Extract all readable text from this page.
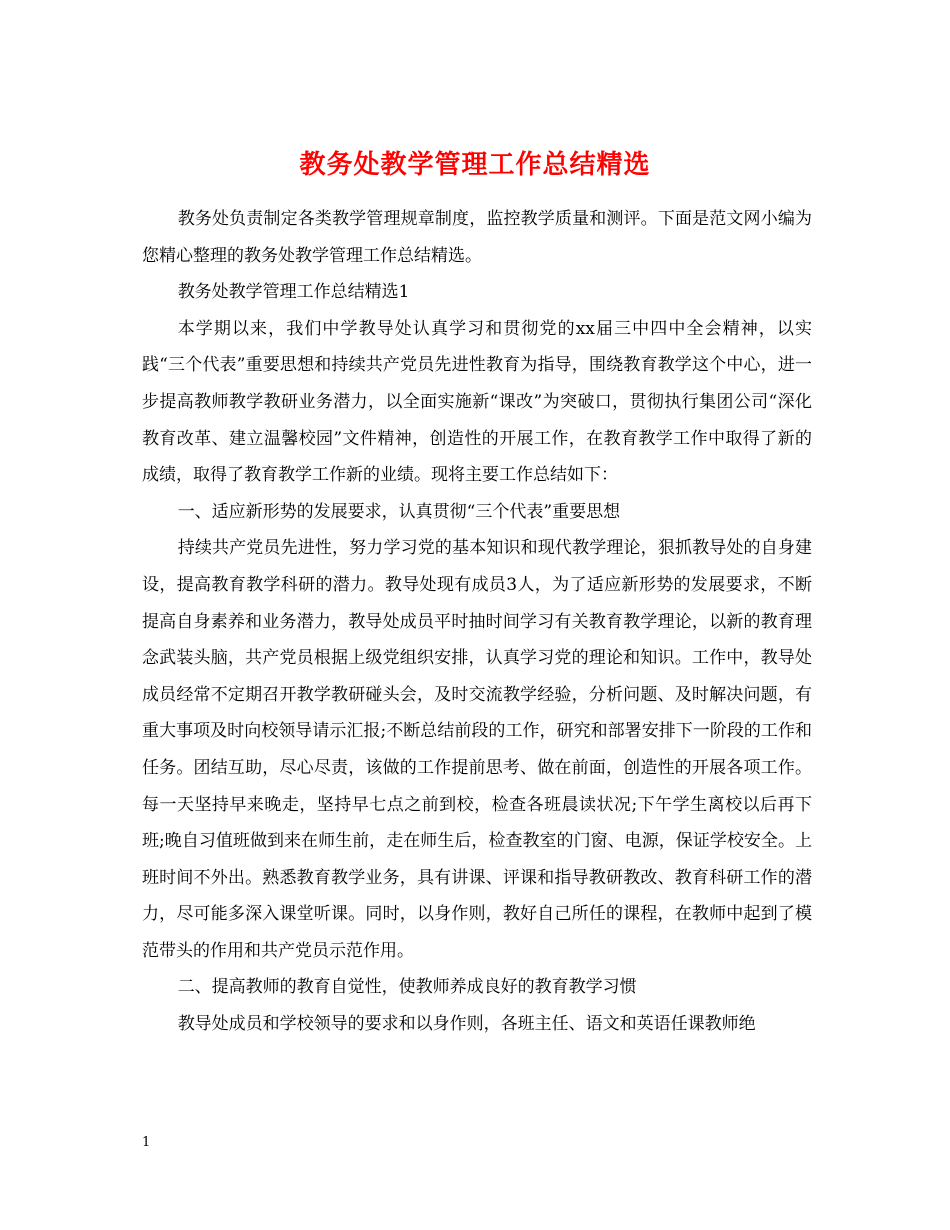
教务处教学管理工作总结精选

教务处负责制定各类教学管理规章制度，监控教学质量和测评。下面是范文网小编为您精心整理的教务处教学管理工作总结精选。

教务处教学管理工作总结精选1

本学期以来，我们中学教导处认真学习和贯彻党的xx届三中四中全会精神，以实践“三个代表”重要思想和持续共产党员先进性教育为指导，围绕教育教学这个中心，进一步提高教师教学教研业务潜力，以全面实施新“课改”为突破口，贯彻执行集团公司“深化教育改革、建立温馨校园”文件精神，创造性的开展工作，在教育教学工作中取得了新的成绩，取得了教育教学工作新的业绩。现将主要工作总结如下：

一、适应新形势的发展要求，认真贯彻“三个代表”重要思想

持续共产党员先进性，努力学习党的基本知识和现代教学理论，狠抓教导处的自身建设，提高教育教学科研的潜力。教导处现有成员3人，为了适应新形势的发展要求，不断提高自身素养和业务潜力，教导处成员平时抽时间学习有关教育教学理论，以新的教育理念武装头脑，共产党员根据上级党组织安排，认真学习党的理论和知识。工作中，教导处成员经常不定期召开教学教研碰头会，及时交流教学经验，分析问题、及时解决问题，有重大事项及时向校领导请示汇报;不断总结前段的工作，研究和部署安排下一阶段的工作和任务。团结互助，尽心尽责，该做的工作提前思考、做在前面，创造性的开展各项工作。每一天坚持早来晚走，坚持早七点之前到校，检查各班晨读状况;下午学生离校以后再下班;晚自习值班做到来在师生前，走在师生后，检查教室的门窗、电源，保证学校安全。上班时间不外出。熟悉教育教学业务，具有讲课、评课和指导教研教改、教育科研工作的潜力，尽可能多深入课堂听课。同时，以身作则，教好自己所任的课程，在教师中起到了模范带头的作用和共产党员示范作用。

二、提高教师的教育自觉性，使教师养成良好的教育教学习惯

教导处成员和学校领导的要求和以身作则，各班主任、语文和英语任课教师绝

1
